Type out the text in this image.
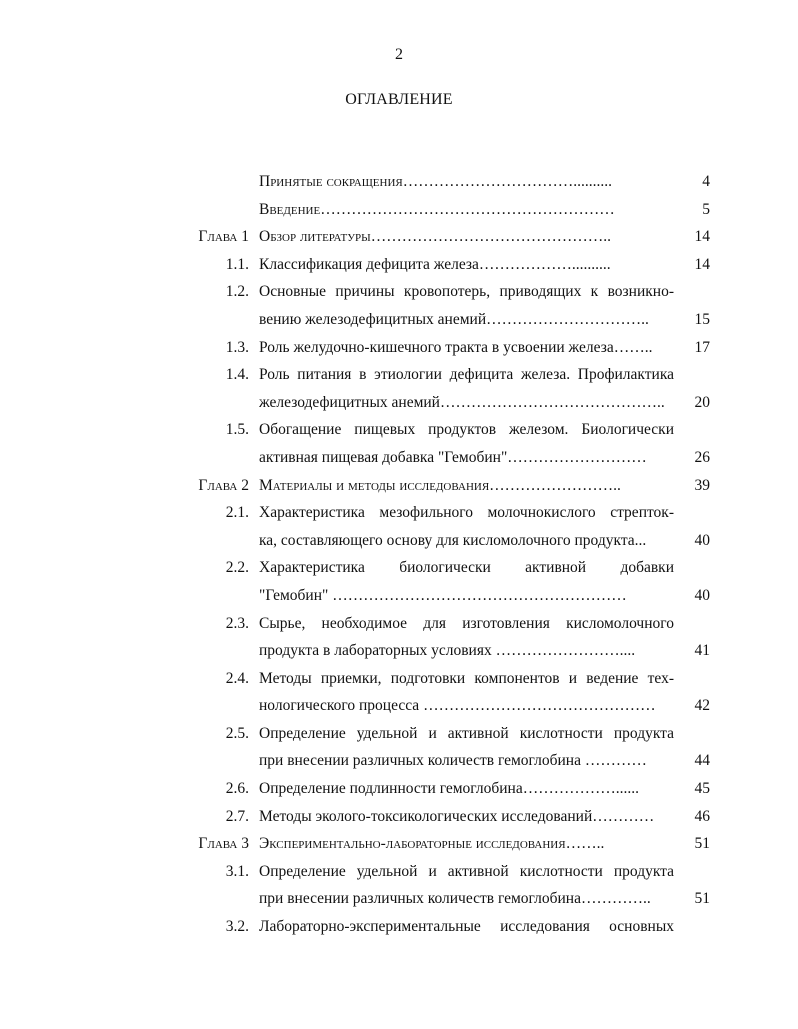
2
ОГЛАВЛЕНИЕ
Принятые сокращения……………………………..........	4
Введение…………………………………………………	5
Глава 1 Обзор литературы………………………………………..	14
1.1. Классификация дефицита железа………………..........	14
1.2. Основные причины кровопотерь, приводящих к возникно-
вению железодефицитных анемий…………………………..	15
1.3. Роль желудочно-кишечного тракта в усвоении железа……..	17
1.4. Роль питания в этиологии дефицита железа. Профилактика
железодефицитных анемий……………………………………..	20
1.5. Обогащение пищевых продуктов железом. Биологически
активная пищевая добавка "Гемобин"………………………	26
Глава 2 Материалы и методы исследования……………………..	39
2.1. Характеристика мезофильного молочнокислого стрепток-
ка, составляющего основу для кисломолочного продукта...	40
2.2. Характеристика биологически активной добавки
"Гемобин" …………………………………………………	40
2.3. Сырье, необходимое для изготовления кисломолочного
продукта в лабораторных условиях ……………………....	41
2.4. Методы приемки, подготовки компонентов и ведение тех-
нологического процесса ………………………………………	42
2.5. Определение удельной и активной кислотности продукта
при внесении различных количеств гемоглобина …………	44
2.6. Определение подлинности гемоглобина………………......	45
2.7. Методы эколого-токсикологических исследований…………	46
Глава 3 Экспериментально-лабораторные исследования……..	51
3.1. Определение удельной и активной кислотности продукта
при внесении различных количеств гемоглобина…………..	51
3.2. Лабораторно-экспериментальные исследования основных
